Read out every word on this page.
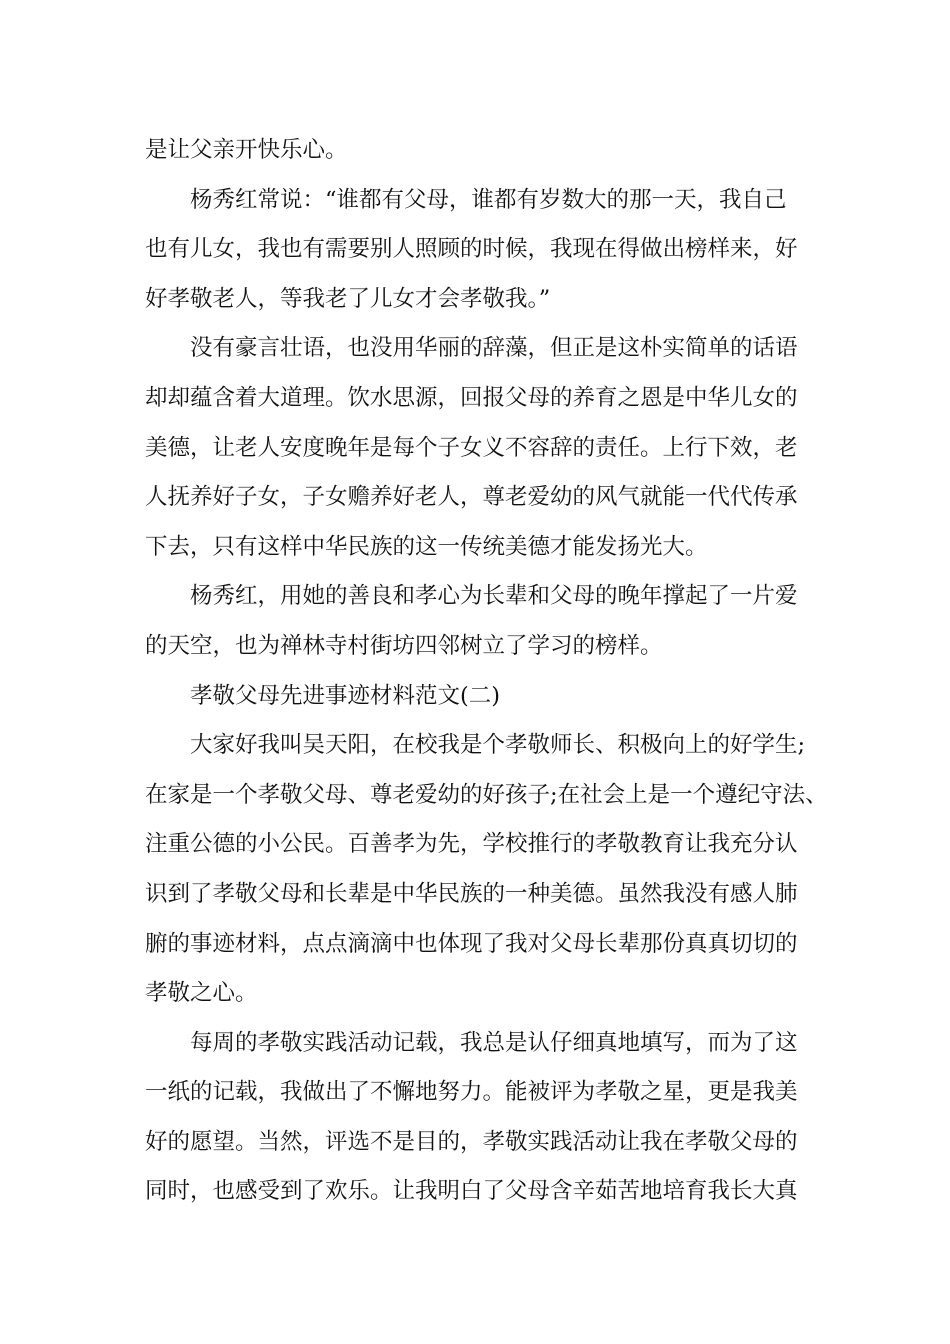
是让父亲开快乐心。
　　杨秀红常说：“谁都有父母，谁都有岁数大的那一天，我自己
也有儿女，我也有需要别人照顾的时候，我现在得做出榜样来，好
好孝敬老人，等我老了儿女才会孝敬我。”
　　没有豪言壮语，也没用华丽的辞藻，但正是这朴实简单的话语
却却蕴含着大道理。饮水思源，回报父母的养育之恩是中华儿女的
美德，让老人安度晚年是每个子女义不容辞的责任。上行下效，老
人抚养好子女，子女赡养好老人，尊老爱幼的风气就能一代代传承
下去，只有这样中华民族的这一传统美德才能发扬光大。
　　杨秀红，用她的善良和孝心为长辈和父母的晚年撑起了一片爱
的天空，也为禅林寺村街坊四邻树立了学习的榜样。
　　孝敬父母先进事迹材料范文(二)
　　大家好我叫吴天阳，在校我是个孝敬师长、积极向上的好学生;
在家是一个孝敬父母、尊老爱幼的好孩子;在社会上是一个遵纪守法、
注重公德的小公民。百善孝为先，学校推行的孝敬教育让我充分认
识到了孝敬父母和长辈是中华民族的一种美德。虽然我没有感人肺
腑的事迹材料，点点滴滴中也体现了我对父母长辈那份真真切切的
孝敬之心。
　　每周的孝敬实践活动记载，我总是认仔细真地填写，而为了这
一纸的记载，我做出了不懈地努力。能被评为孝敬之星，更是我美
好的愿望。当然，评选不是目的，孝敬实践活动让我在孝敬父母的
同时，也感受到了欢乐。让我明白了父母含辛茹苦地培育我长大真
